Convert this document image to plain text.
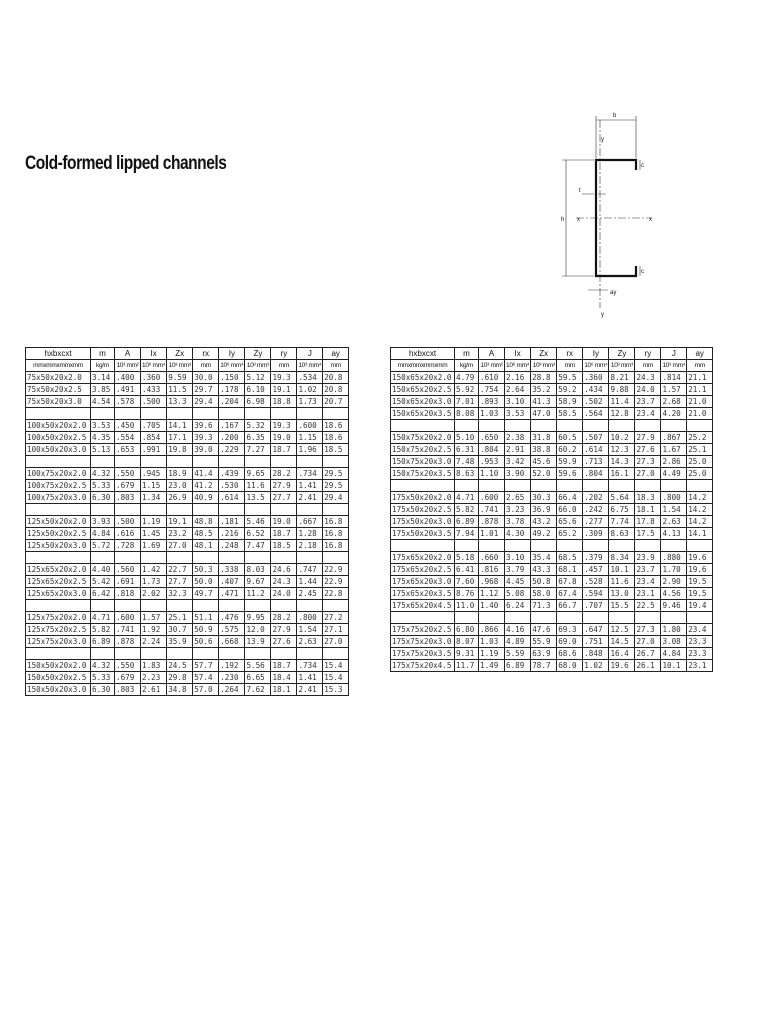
Cold-formed lipped channels
b
y
y
x	x
h
t
c
c
ay
hxbxcxt	m	A	Ix	Zx	rx	Iy	Zy	ry	J	ay
mmxmmxmmxmm	kg/m	10³ mm²	10⁶ mm⁴	10³ mm³	mm	10⁶ mm⁴	10³ mm³	mm	10³ mm⁴	mm
75x50x20x2.0	3.14	.400	.360	9.59	30.0	.150	5.12	19.3	.534	20.8
75x50x20x2.5	3.85	.491	.433	11.5	29.7	.178	6.10	19.1	1.02	20.8
75x50x20x3.0	4.54	.578	.500	13.3	29.4	.204	6.98	18.8	1.73	20.7

100x50x20x2.0	3.53	.450	.705	14.1	39.6	.167	5.32	19.3	.600	18.6
100x50x20x2.5	4.35	.554	.854	17.1	39.3	.200	6.35	19.0	1.15	18.6
100x50x20x3.0	5.13	.653	.991	19.8	39.0	.229	7.27	18.7	1.96	18.5

100x75x20x2.0	4.32	.550	.945	18.9	41.4	.439	9.65	28.2	.734	29.5
100x75x20x2.5	5.33	.679	1.15	23.0	41.2	.530	11.6	27.9	1.41	29.5
100x75x20x3.0	6.30	.803	1.34	26.9	40.9	.614	13.5	27.7	2.41	29.4

125x50x20x2.0	3.93	.500	1.19	19.1	48.8	.181	5.46	19.0	.667	16.8
125x50x20x2.5	4.84	.616	1.45	23.2	48.5	.216	6.52	18.7	1.28	16.8
125x50x20x3.0	5.72	.728	1.69	27.0	48.1	.248	7.47	18.5	2.18	16.8

125x65x20x2.0	4.40	.560	1.42	22.7	50.3	.338	8.03	24.6	.747	22.9
125x65x20x2.5	5.42	.691	1.73	27.7	50.0	.407	9.67	24.3	1.44	22.9
125x65x20x3.0	6.42	.818	2.02	32.3	49.7	.471	11.2	24.0	2.45	22.8

125x75x20x2.0	4.71	.600	1.57	25.1	51.1	.476	9.95	28.2	.800	27.2
125x75x20x2.5	5.82	.741	1.92	30.7	50.9	.575	12.0	27.9	1.54	27.1
125x75x20x3.0	6.89	.878	2.24	35.9	50.6	.668	13.9	27.6	2.63	27.0

150x50x20x2.0	4.32	.550	1.83	24.5	57.7	.192	5.56	18.7	.734	15.4
150x50x20x2.5	5.33	.679	2.23	29.8	57.4	.230	6.65	18.4	1.41	15.4
150x50x20x3.0	6.30	.803	2.61	34.8	57.0	.264	7.62	18.1	2.41	15.3
hxbxcxt	m	A	Ix	Zx	rx	Iy	Zy	ry	J	ay
mmxmmxmmxmm	kg/m	10³ mm²	10⁶ mm⁴	10³ mm³	mm	10⁶ mm⁴	10³ mm³	mm	10³ mm⁴	mm
150x65x20x2.0	4.79	.610	2.16	28.8	59.5	.360	8.21	24.3	.814	21.1
150x65x20x2.5	5.92	.754	2.64	35.2	59.2	.434	9.88	24.0	1.57	21.1
150x65x20x3.0	7.01	.893	3.10	41.3	58.9	.502	11.4	23.7	2.68	21.0
150x65x20x3.5	8.08	1.03	3.53	47.0	58.5	.564	12.8	23.4	4.20	21.0

150x75x20x2.0	5.10	.650	2.38	31.8	60.5	.507	10.2	27.9	.867	25.2
150x75x20x2.5	6.31	.804	2.91	38.8	60.2	.614	12.3	27.6	1.67	25.1
150x75x20x3.0	7.48	.953	3.42	45.6	59.9	.713	14.3	27.3	2.86	25.0
150x75x20x3.5	8.63	1.10	3.90	52.0	59.6	.804	16.1	27.0	4.49	25.0

175x50x20x2.0	4.71	.600	2.65	30.3	66.4	.202	5.64	18.3	.800	14.2
175x50x20x2.5	5.82	.741	3.23	36.9	66.0	.242	6.75	18.1	1.54	14.2
175x50x20x3.0	6.89	.878	3.78	43.2	65.6	.277	7.74	17.8	2.63	14.2
175x50x20x3.5	7.94	1.01	4.30	49.2	65.2	.309	8.63	17.5	4.13	14.1

175x65x20x2.0	5.18	.660	3.10	35.4	68.5	.379	8.34	23.9	.880	19.6
175x65x20x2.5	6.41	.816	3.79	43.3	68.1	.457	10.1	23.7	1.70	19.6
175x65x20x3.0	7.60	.968	4.45	50.8	67.8	.528	11.6	23.4	2.90	19.5
175x65x20x3.5	8.76	1.12	5.08	58.0	67.4	.594	13.0	23.1	4.56	19.5
175x65x20x4.5	11.0	1.40	6.24	71.3	66.7	.707	15.5	22.5	9.46	19.4

175x75x20x2.5	6.80	.866	4.16	47.6	69.3	.647	12.5	27.3	1.80	23.4
175x75x20x3.0	8.07	1.03	4.89	55.9	69.0	.751	14.5	27.0	3.08	23.3
175x75x20x3.5	9.31	1.19	5.59	63.9	68.6	.848	16.4	26.7	4.84	23.3
175x75x20x4.5	11.7	1.49	6.89	78.7	68.0	1.02	19.6	26.1	10.1	23.1
